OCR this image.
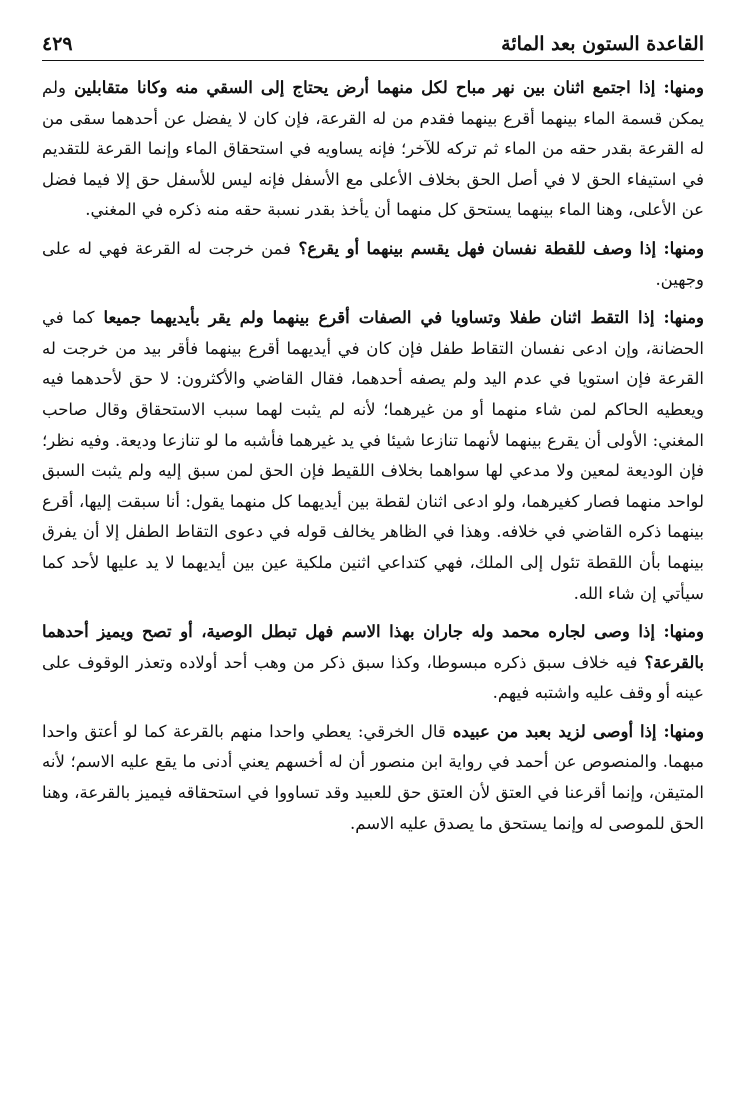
القاعدة الستون بعد المائة
٤٢٩

ومنها: إذا اجتمع اثنان بين نهر مباح لكل منهما أرض يحتاج إلى السقي منه وكانا متقابلين ولم يمكن قسمة الماء بينهما أقرع بينهما فقدم من له القرعة، فإن كان لا يفضل عن أحدهما سقى من له القرعة بقدر حقه من الماء ثم تركه للآخر؛ فإنه يساويه في استحقاق الماء وإنما القرعة للتقديم في استيفاء الحق لا في أصل الحق بخلاف الأعلى مع الأسفل فإنه ليس للأسفل حق إلا فيما فضل عن الأعلى، وهنا الماء بينهما يستحق كل منهما أن يأخذ بقدر نسبة حقه منه ذكره في المغني.

ومنها: إذا وصف للقطة نفسان فهل يقسم بينهما أو يقرع؟ فمن خرجت له القرعة فهي له على وجهين.

ومنها: إذا التقط اثنان طفلا وتساويا في الصفات أقرع بينهما ولم يقر بأيديهما جميعا كما في الحضانة، وإن ادعى نفسان التقاط طفل فإن كان في أيديهما أقرع بينهما فأقر بيد من خرجت له القرعة فإن استويا في عدم اليد ولم يصفه أحدهما، فقال القاضي والأكثرون: لا حق لأحدهما فيه ويعطيه الحاكم لمن شاء منهما أو من غيرهما؛ لأنه لم يثبت لهما سبب الاستحقاق وقال صاحب المغني: الأولى أن يقرع بينهما لأنهما تنازعا شيئا في يد غيرهما فأشبه ما لو تنازعا وديعة. وفيه نظر؛ فإن الوديعة لمعين ولا مدعي لها سواهما بخلاف اللقيط فإن الحق لمن سبق إليه ولم يثبت السبق لواحد منهما فصار كغيرهما، ولو ادعى اثنان لقطة بين أيديهما كل منهما يقول: أنا سبقت إليها، أقرع بينهما ذكره القاضي في خلافه. وهذا في الظاهر يخالف قوله في دعوى التقاط الطفل إلا أن يفرق بينهما بأن اللقطة تئول إلى الملك، فهي كتداعي اثنين ملكية عين بين أيديهما لا يد عليها لأحد كما سيأتي إن شاء الله.

ومنها: إذا وصى لجاره محمد وله جاران بهذا الاسم فهل تبطل الوصية، أو تصح ويميز أحدهما بالقرعة؟ فيه خلاف سبق ذكره مبسوطا، وكذا سبق ذكر من وهب أحد أولاده وتعذر الوقوف على عينه أو وقف عليه واشتبه فيهم.

ومنها: إذا أوصى لزيد بعبد من عبيده قال الخرقي: يعطي واحدا منهم بالقرعة كما لو أعتق واحدا مبهما. والمنصوص عن أحمد في رواية ابن منصور أن له أخسهم يعني أدنى ما يقع عليه الاسم؛ لأنه المتيقن، وإنما أقرعنا في العتق لأن العتق حق للعبيد وقد تساووا في استحقاقه فيميز بالقرعة، وهنا الحق للموصى له وإنما يستحق ما يصدق عليه الاسم.
